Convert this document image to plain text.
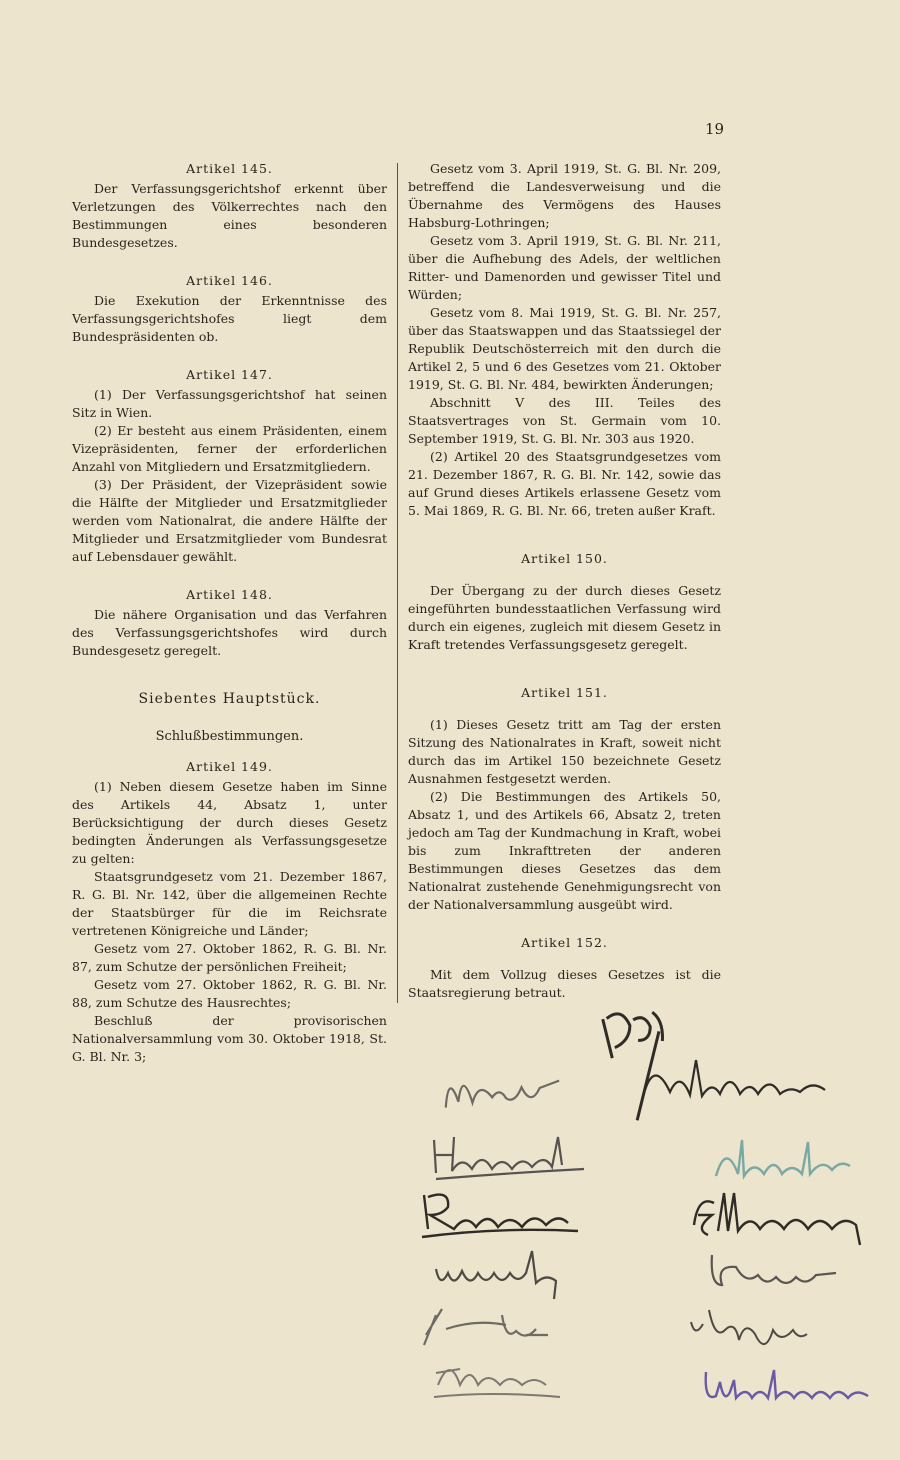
19

Artikel 145.

Der Verfassungsgerichtshof erkennt über Verletzungen des Völkerrechtes nach den Bestimmungen eines besonderen Bundesgesetzes.

Artikel 146.

Die Exekution der Erkenntnisse des Verfassungsgerichtshofes liegt dem Bundespräsidenten ob.

Artikel 147.

(1) Der Verfassungsgerichtshof hat seinen Sitz in Wien.

(2) Er besteht aus einem Präsidenten, einem Vizepräsidenten, ferner der erforderlichen Anzahl von Mitgliedern und Ersatzmitgliedern.

(3) Der Präsident, der Vizepräsident sowie die Hälfte der Mitglieder und Ersatzmitglieder werden vom Nationalrat, die andere Hälfte der Mitglieder und Ersatzmitglieder vom Bundesrat auf Lebensdauer gewählt.

Artikel 148.

Die nähere Organisation und das Verfahren des Verfassungsgerichtshofes wird durch Bundesgesetz geregelt.

Siebentes Hauptstück.

Schlußbestimmungen.

Artikel 149.

(1) Neben diesem Gesetze haben im Sinne des Artikels 44, Absatz 1, unter Berücksichtigung der durch dieses Gesetz bedingten Änderungen als Verfassungsgesetze zu gelten:

Staatsgrundgesetz vom 21. Dezember 1867, R. G. Bl. Nr. 142, über die allgemeinen Rechte der Staatsbürger für die im Reichsrate vertretenen Königreiche und Länder;

Gesetz vom 27. Oktober 1862, R. G. Bl. Nr. 87, zum Schutze der persönlichen Freiheit;

Gesetz vom 27. Oktober 1862, R. G. Bl. Nr. 88, zum Schutze des Hausrechtes;

Beschluß der provisorischen Nationalversammlung vom 30. Oktober 1918, St. G. Bl. Nr. 3;

Gesetz vom 3. April 1919, St. G. Bl. Nr. 209, betreffend die Landesverweisung und die Übernahme des Vermögens des Hauses Habsburg-Lothringen;

Gesetz vom 3. April 1919, St. G. Bl. Nr. 211, über die Aufhebung des Adels, der weltlichen Ritter- und Damenorden und gewisser Titel und Würden;

Gesetz vom 8. Mai 1919, St. G. Bl. Nr. 257, über das Staatswappen und das Staatssiegel der Republik Deutschösterreich mit den durch die Artikel 2, 5 und 6 des Gesetzes vom 21. Oktober 1919, St. G. Bl. Nr. 484, bewirkten Änderungen;

Abschnitt V des III. Teiles des Staatsvertrages von St. Germain vom 10. September 1919, St. G. Bl. Nr. 303 aus 1920.

(2) Artikel 20 des Staatsgrundgesetzes vom 21. Dezember 1867, R. G. Bl. Nr. 142, sowie das auf Grund dieses Artikels erlassene Gesetz vom 5. Mai 1869, R. G. Bl. Nr. 66, treten außer Kraft.

Artikel 150.

Der Übergang zu der durch dieses Gesetz eingeführten bundesstaatlichen Verfassung wird durch ein eigenes, zugleich mit diesem Gesetz in Kraft tretendes Verfassungsgesetz geregelt.

Artikel 151.

(1) Dieses Gesetz tritt am Tag der ersten Sitzung des Nationalrates in Kraft, soweit nicht durch das im Artikel 150 bezeichnete Gesetz Ausnahmen festgesetzt werden.

(2) Die Bestimmungen des Artikels 50, Absatz 1, und des Artikels 66, Absatz 2, treten jedoch am Tag der Kundmachung in Kraft, wobei bis zum Inkrafttreten der anderen Bestimmungen dieses Gesetzes das dem Nationalrat zustehende Genehmigungsrecht von der Nationalversammlung ausgeübt wird.

Artikel 152.

Mit dem Vollzug dieses Gesetzes ist die Staatsregierung betraut.
